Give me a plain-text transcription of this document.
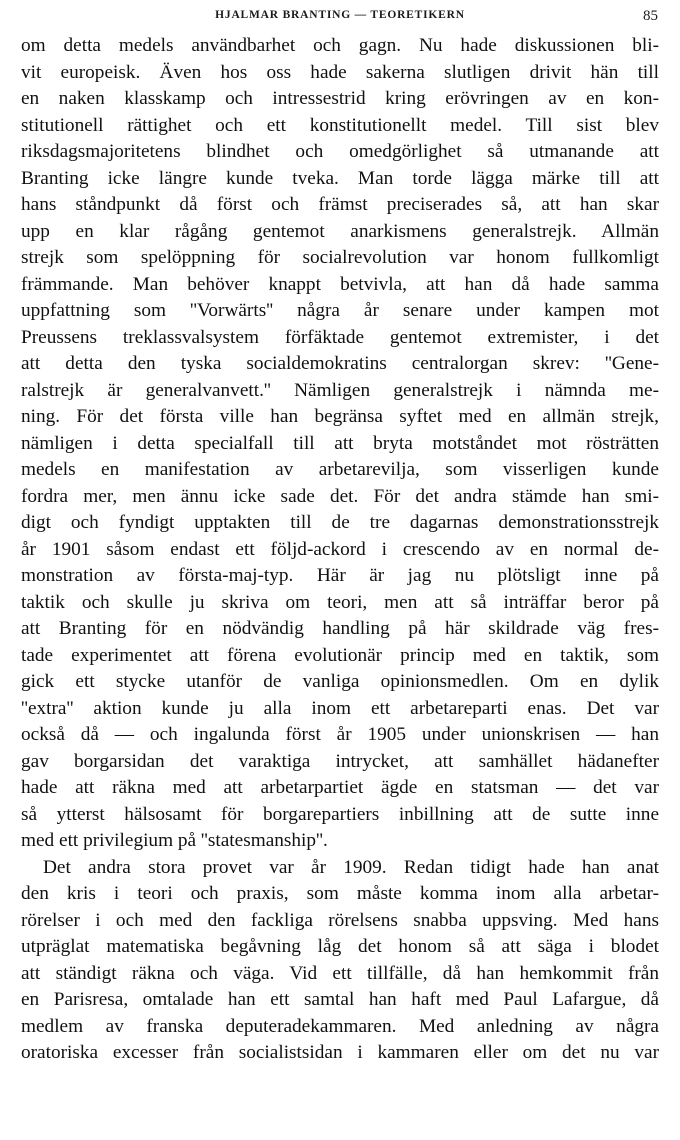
HJALMAR BRANTING — TEORETIKERN	85
om detta medels användbarhet och gagn. Nu hade diskussionen bli-
vit europeisk. Även hos oss hade sakerna slutligen drivit hän till
en naken klasskamp och intressestrid kring erövringen av en kon-
stitutionell rättighet och ett konstitutionellt medel. Till sist blev
riksdagsmajoritetens blindhet och omedgörlighet så utmanande att
Branting icke längre kunde tveka. Man torde lägga märke till att
hans ståndpunkt då först och främst preciserades så, att han skar
upp en klar rågång gentemot anarkismens generalstrejk. Allmän
strejk som spelöppning för socialrevolution var honom fullkomligt
främmande. Man behöver knappt betvivla, att han då hade samma
uppfattning som ''Vorwärts'' några år senare under kampen mot
Preussens treklassvalsystem förfäktade gentemot extremister, i det
att detta den tyska socialdemokratins centralorgan skrev: ''Gene-
ralstrejk är generalvanvett.'' Nämligen generalstrejk i nämnda me-
ning. För det första ville han begränsa syftet med en allmän strejk,
nämligen i detta specialfall till att bryta motståndet mot rösträtten
medels en manifestation av arbetarevilja, som visserligen kunde
fordra mer, men ännu icke sade det. För det andra stämde han smi-
digt och fyndigt upptakten till de tre dagarnas demonstrationsstrejk
år 1901 såsom endast ett följd-ackord i crescendo av en normal de-
monstration av första-maj-typ. Här är jag nu plötsligt inne på
taktik och skulle ju skriva om teori, men att så inträffar beror på
att Branting för en nödvändig handling på här skildrade väg fres-
tade experimentet att förena evolutionär princip med en taktik, som
gick ett stycke utanför de vanliga opinionsmedlen. Om en dylik
''extra'' aktion kunde ju alla inom ett arbetareparti enas. Det var
också då — och ingalunda först år 1905 under unionskrisen — han
gav borgarsidan det varaktiga intrycket, att samhället hädanefter
hade att räkna med att arbetarpartiet ägde en statsman — det var
så ytterst hälsosamt för borgarepartiers inbillning att de sutte inne
med ett privilegium på ''statesmanship''.
Det andra stora provet var år 1909. Redan tidigt hade han anat
den kris i teori och praxis, som måste komma inom alla arbetar-
rörelser i och med den fackliga rörelsens snabba uppsving. Med hans
utpräglat matematiska begåvning låg det honom så att säga i blodet
att ständigt räkna och väga. Vid ett tillfälle, då han hemkommit från
en Parisresa, omtalade han ett samtal han haft med Paul Lafargue, då
medlem av franska deputeradekammaren. Med anledning av några
oratoriska excesser från socialistsidan i kammaren eller om det nu var
